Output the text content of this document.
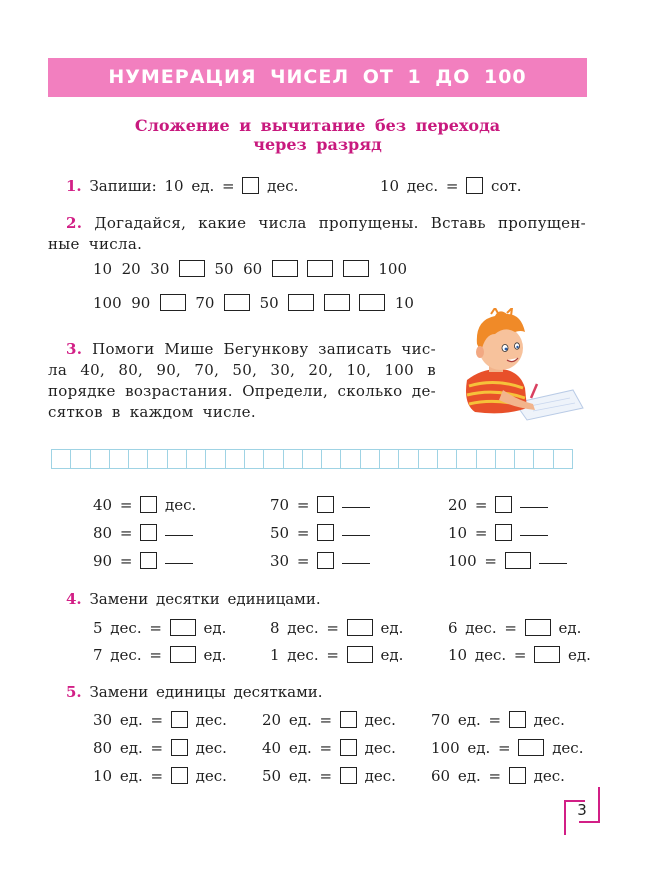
НУМЕРАЦИЯ ЧИСЕЛ ОТ 1 ДО 100
Сложение и вычитание без перехода
через разряд
1. Запиши: 10 ед. = дес.	10 дес. = сот.
2. Догадайся, какие числа пропущены. Вставь пропущен-
ные числа.
10 20 30	50 60	100
100 90	70	50	10
3. Помоги Мише Бегункову записать чис-
ла 40, 80, 90, 70, 50, 30, 20, 10, 100 в
порядке возрастания. Определи, сколько де-
сятков в каждом числе.
40 = дес.	70 =	20 =
80 =	50 =	10 =
90 =	30 =	100 =
4. Замени десятки единицами.
5 дес. =	ед.	8 дес. =	ед.	6 дес. =	ед.
7 дес. =	ед.	1 дес. =	ед.	10 дес. =	ед.
5. Замени единицы десятками.
30 ед. = дес. 20 ед. = дес. 70 ед. = дес.
80 ед. = дес. 40 ед. = дес. 100 ед. =	дес.
10 ед. = дес. 50 ед. = дес. 60 ед. = дес.
3
